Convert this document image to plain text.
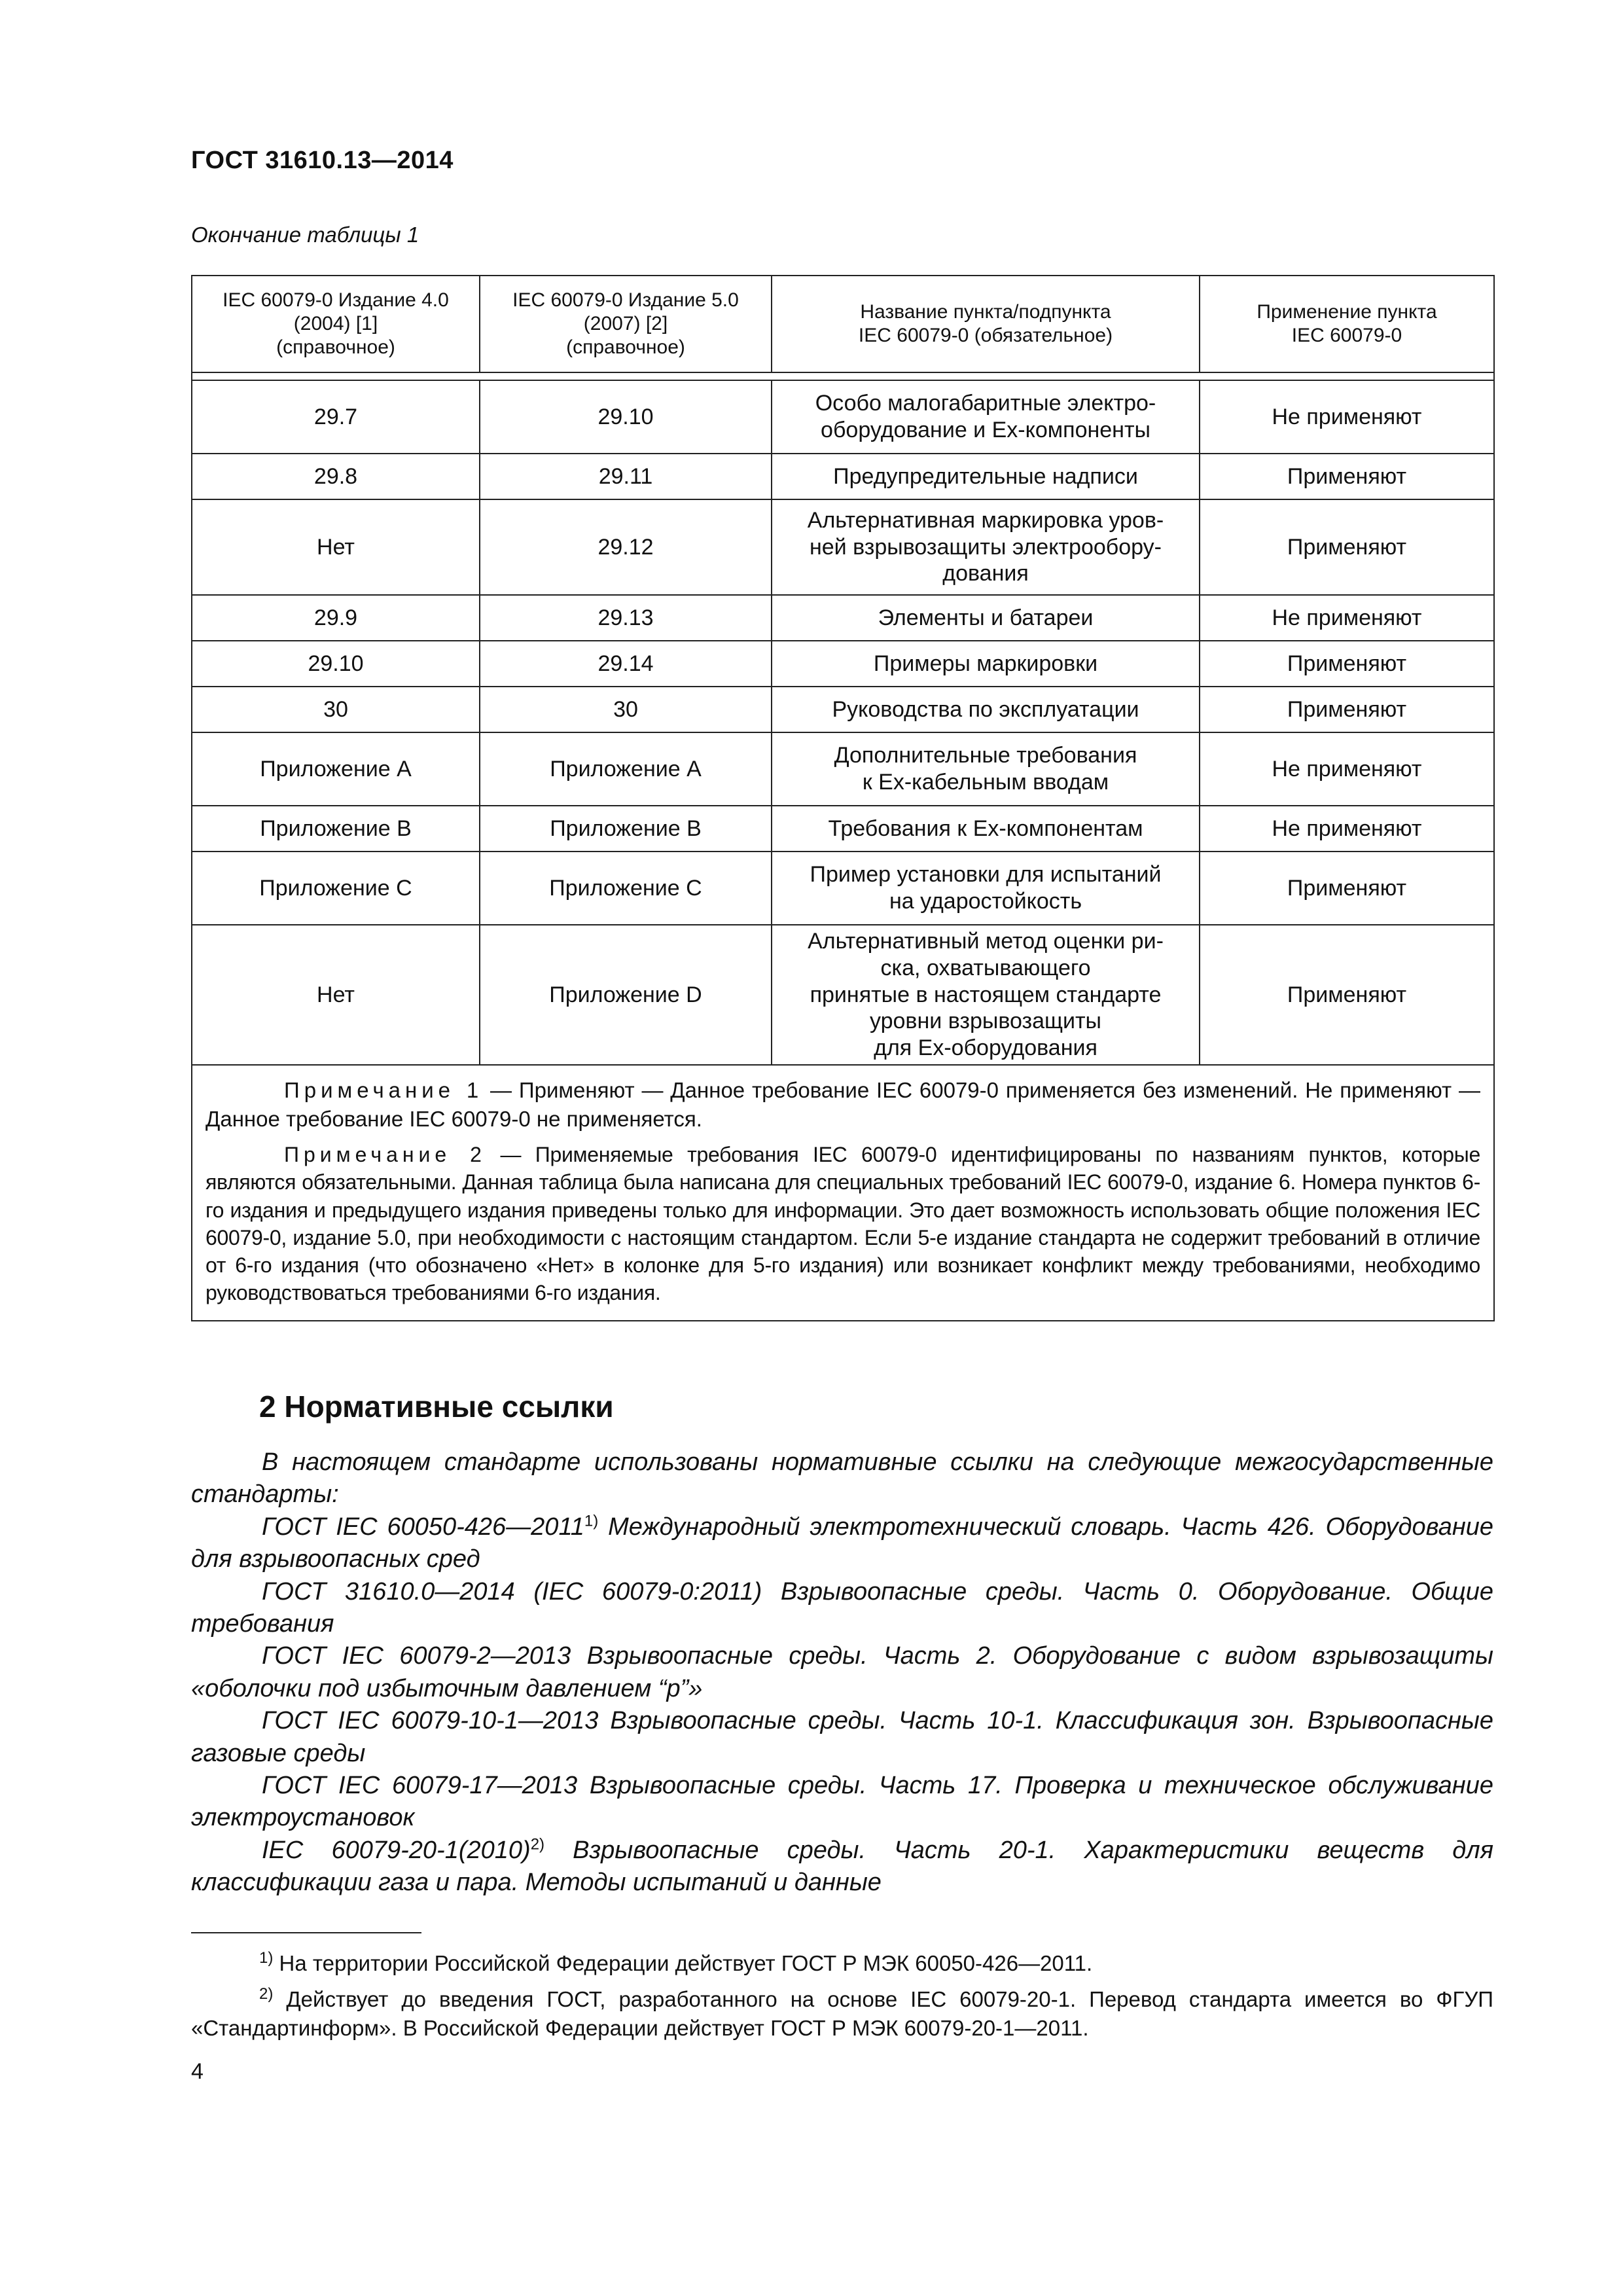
ГОСТ 31610.13—2014
Окончание таблицы 1
IEC 60079-0 Издание 4.0
(2004) [1]
(справочное)	IEC 60079-0 Издание 5.0
(2007) [2]
(справочное)	Название пункта/подпункта
IEC 60079-0 (обязательное)	Применение пункта
IEC 60079-0

29.7	29.10	Особо малогабаритные электро-
оборудование и Ex-компоненты	Не применяют
29.8	29.11	Предупредительные надписи	Применяют
Нет	29.12	Альтернативная маркировка уров-
ней взрывозащиты электрообору-
дования	Применяют
29.9	29.13	Элементы и батареи	Не применяют
29.10	29.14	Примеры маркировки	Применяют
30	30	Руководства по эксплуатации	Применяют
Приложение A	Приложение A	Дополнительные требования
к Ex-кабельным вводам	Не применяют
Приложение B	Приложение B	Требования к Ex-компонентам	Не применяют
Приложение C	Приложение C	Пример установки для испытаний
на ударостойкость	Применяют
Нет	Приложение D	Альтернативный метод оценки ри-
ска, охватывающего
принятые в настоящем стандарте
уровни взрывозащиты
для Ex-оборудования	Применяют

Примечание 1 — Применяют — Данное требование IEC 60079-0 применяется без изменений. Не применяют — Данное требование IEC 60079-0 не применяется.

Примечание 2 — Применяемые требования IEC 60079-0 идентифицированы по названиям пунктов, которые являются обязательными. Данная таблица была написана для специальных требований IEC 60079-0, издание 6. Номера пунктов 6-го издания и предыдущего издания приведены только для информации. Это дает возможность использовать общие положения IEC 60079-0, издание 5.0, при необходимости с настоящим стандартом. Если 5-е издание стандарта не содержит требований в отличие от 6-го издания (что обозначено «Нет» в колонке для 5-го издания) или возникает конфликт между требованиями, необходимо руководствоваться требованиями 6-го издания.			

2 Нормативные ссылки

В настоящем стандарте использованы нормативные ссылки на следующие межгосударственные стандарты:

ГОСТ IEC 60050-426—2011$^{1)}$ Международный электротехнический словарь. Часть 426. Оборудование для взрывоопасных сред

ГОСТ 31610.0—2014 (IEC 60079-0:2011) Взрывоопасные среды. Часть 0. Оборудование. Общие требования

ГОСТ IEC 60079-2—2013 Взрывоопасные среды. Часть 2. Оборудование с видом взрывозащиты «оболочки под избыточным давлением “p”»

ГОСТ IEC 60079-10-1—2013 Взрывоопасные среды. Часть 10-1. Классификация зон. Взрывоопасные газовые среды

ГОСТ IEC 60079-17—2013 Взрывоопасные среды. Часть 17. Проверка и техническое обслуживание электроустановок

IEC $60079-20-1(2010)^{2)}$ Взрывоопасные среды. Часть 20-1. Характеристики веществ для классификации газа и пара. Методы испытаний и данные

$^{1)}$ На территории Российской Федерации действует ГОСТ Р МЭК 60050-426—2011.

$^{2)}$ Действует до введения ГОСТ, разработанного на основе IEC 60079-20-1. Перевод стандарта имеется во ФГУП «Стандартинформ». В Российской Федерации действует ГОСТ Р МЭК 60079-20-1—2011.

4
